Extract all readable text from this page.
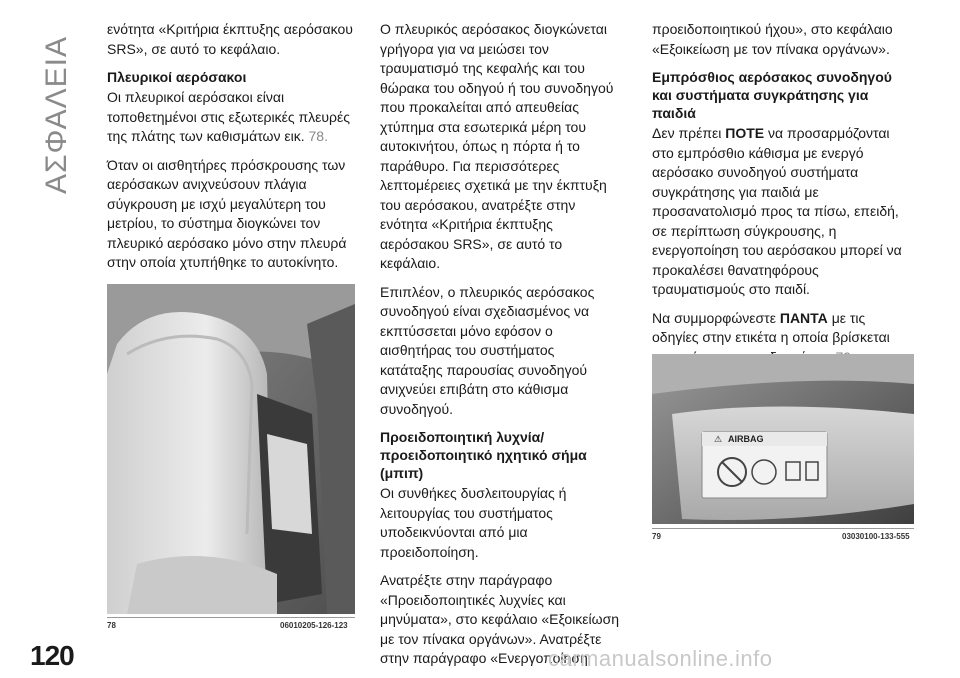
ΑΣΦΑΛΕΙΑ
120

ενότητα «Κριτήρια έκπτυξης αερόσακου SRS», σε αυτό το κεφάλαιο.

Πλευρικοί αερόσακοι

Οι πλευρικοί αερόσακοι είναι τοποθετημένοι στις εξωτερικές πλευρές της πλάτης των καθισμάτων εικ. 78.

Όταν οι αισθητήρες πρόσκρουσης των αερόσακων ανιχνεύσουν πλάγια σύγκρουση με ισχύ μεγαλύτερη του μετρίου, το σύστημα διογκώνει τον πλευρικό αερόσακο μόνο στην πλευρά στην οποία χτυπήθηκε το αυτοκίνητο.

78	06010205-126-123

Ο πλευρικός αερόσακος διογκώνεται γρήγορα για να μειώσει τον τραυματισμό της κεφαλής και του θώρακα του οδηγού ή του συνοδηγού που προκαλείται από απευθείας χτύπημα στα εσωτερικά μέρη του αυτοκινήτου, όπως η πόρτα ή το παράθυρο. Για περισσότερες λεπτομέρειες σχετικά με την έκπτυξη του αερόσακου, ανατρέξτε στην ενότητα «Κριτήρια έκπτυξης αερόσακου SRS», σε αυτό το κεφάλαιο.

Επιπλέον, ο πλευρικός αερόσακος συνοδηγού είναι σχεδιασμένος να εκπτύσσεται μόνο εφόσον ο αισθητήρας του συστήματος κατάταξης παρουσίας συνοδηγού ανιχνεύει επιβάτη στο κάθισμα συνοδηγού.

Προειδοποιητική λυχνία/ προειδοποιητικό ηχητικό σήμα (μπιπ)

Οι συνθήκες δυσλειτουργίας ή λειτουργίας του συστήματος υποδεικνύονται από μια προειδοποίηση.

Ανατρέξτε στην παράγραφο «Προειδοποιητικές λυχνίες και μηνύματα», στο κεφάλαιο «Εξοικείωση με τον πίνακα οργάνων». Ανατρέξτε στην παράγραφο «Ενεργοποίηση

προειδοποιητικού ήχου», στο κεφάλαιο «Εξοικείωση με τον πίνακα οργάνων».

Εμπρόσθιος αερόσακος συνοδηγού και συστήματα συγκράτησης για παιδιά

Δεν πρέπει ΠΟΤΕ να προσαρμόζονται στο εμπρόσθιο κάθισμα με ενεργό αερόσακο συνοδηγού συστήματα συγκράτησης για παιδιά με προσανατολισμό προς τα πίσω, επειδή, σε περίπτωση σύγκρουσης, η ενεργοποίηση του αερόσακου μπορεί να προκαλέσει θανατηφόρους τραυματισμούς στο παιδί.

Να συμμορφώνεστε ΠΑΝΤΑ με τις οδηγίες στην ετικέτα η οποία βρίσκεται

⚠ AIRBAG
79	03030100-133-555
carmanualsonline.info
